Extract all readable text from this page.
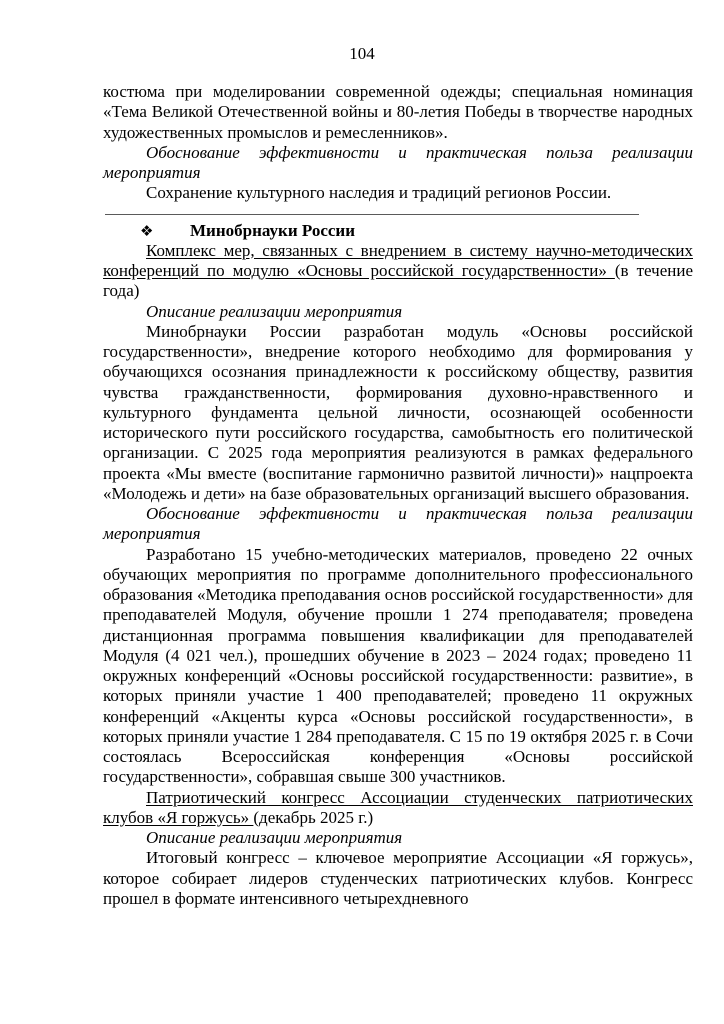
104

костюма при моделировании современной одежды; специальная номинация «Тема Великой Отечественной войны и 80-летия Победы в творчестве народных художественных промыслов и ремесленников».

Обоснование эффективности и практическая польза реализации мероприятия

Сохранение культурного наследия и традиций регионов России.

❖ Минобрнауки России

Комплекс мер, связанных с внедрением в систему научно-методических конференций по модулю «Основы российской государственности» (в течение года)

Описание реализации мероприятия

Минобрнауки России разработан модуль «Основы российской государственности», внедрение которого необходимо для формирования у обучающихся осознания принадлежности к российскому обществу, развития чувства гражданственности, формирования духовно-нравственного и культурного фундамента цельной личности, осознающей особенности исторического пути российского государства, самобытность его политической организации. С 2025 года мероприятия реализуются в рамках федерального проекта «Мы вместе (воспитание гармонично развитой личности)» нацпроекта «Молодежь и дети» на базе образовательных организаций высшего образования.

Обоснование эффективности и практическая польза реализации мероприятия

Разработано 15 учебно-методических материалов, проведено 22 очных обучающих мероприятия по программе дополнительного профессионального образования «Методика преподавания основ российской государственности» для преподавателей Модуля, обучение прошли 1 274 преподавателя; проведена дистанционная программа повышения квалификации для преподавателей Модуля (4 021 чел.), прошедших обучение в 2023 – 2024 годах; проведено 11 окружных конференций «Основы российской государственности: развитие», в которых приняли участие 1 400 преподавателей; проведено 11 окружных конференций «Акценты курса «Основы российской государственности», в которых приняли участие 1 284 преподавателя. С 15 по 19 октября 2025 г. в Сочи состоялась Всероссийская конференция «Основы российской государственности», собравшая свыше 300 участников.

Патриотический конгресс Ассоциации студенческих патриотических клубов «Я горжусь» (декабрь 2025 г.)

Описание реализации мероприятия

Итоговый конгресс – ключевое мероприятие Ассоциации «Я горжусь», которое собирает лидеров студенческих патриотических клубов. Конгресс прошел в формате интенсивного четырехдневного
